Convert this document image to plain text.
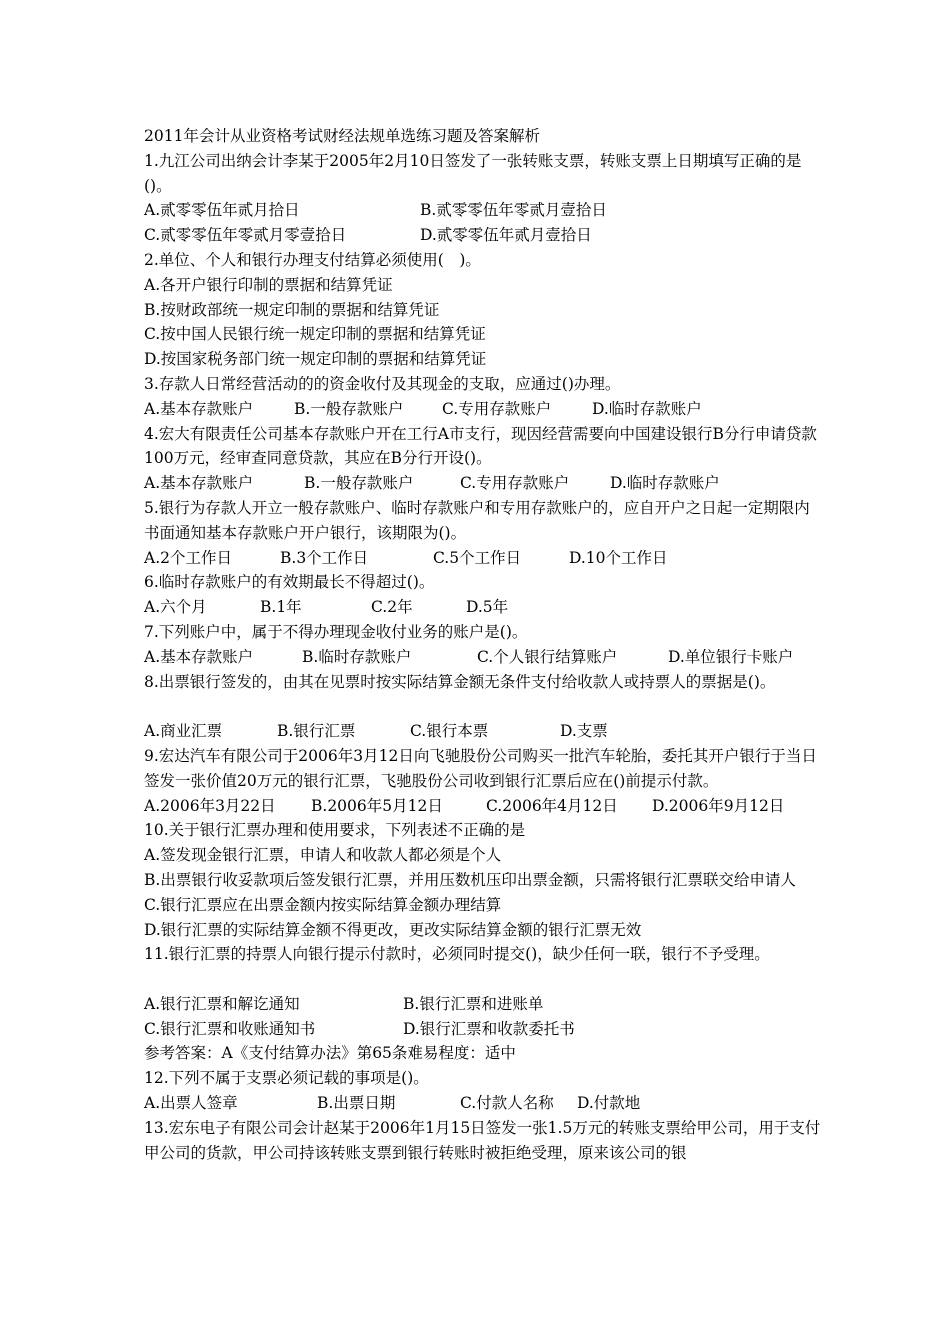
2011年会计从业资格考试财经法规单选练习题及答案解析
1.九江公司出纳会计李某于2005年2月10日签发了一张转账支票，转账支票上日期填写正确的是()。
A.贰零零伍年贰月拾日	B.贰零零伍年零贰月壹拾日
C.贰零零伍年零贰月零壹拾日	D.贰零零伍年贰月壹拾日
2.单位、个人和银行办理支付结算必须使用(　)。
A.各开户银行印制的票据和结算凭证
B.按财政部统一规定印制的票据和结算凭证
C.按中国人民银行统一规定印制的票据和结算凭证
D.按国家税务部门统一规定印制的票据和结算凭证
3.存款人日常经营活动的的资金收付及其现金的支取，应通过()办理。
A.基本存款账户	B.一般存款账户	C.专用存款账户	D.临时存款账户
4.宏大有限责任公司基本存款账户开在工行A市支行，现因经营需要向中国建设银行B分行申请贷款100万元，经审查同意贷款，其应在B分行开设()。
A.基本存款账户	B.一般存款账户	C.专用存款账户	D.临时存款账户
5.银行为存款人开立一般存款账户、临时存款账户和专用存款账户的，应自开户之日起一定期限内书面通知基本存款账户开户银行，该期限为()。
A.2个工作日	B.3个工作日	C.5个工作日	D.10个工作日
6.临时存款账户的有效期最长不得超过()。
A.六个月	B.1年	C.2年	D.5年
7.下列账户中，属于不得办理现金收付业务的账户是()。
A.基本存款账户	B.临时存款账户	C.个人银行结算账户	D.单位银行卡账户
8.出票银行签发的，由其在见票时按实际结算金额无条件支付给收款人或持票人的票据是()。
A.商业汇票	B.银行汇票	C.银行本票	D.支票
9.宏达汽车有限公司于2006年3月12日向飞驰股份公司购买一批汽车轮胎，委托其开户银行于当日签发一张价值20万元的银行汇票，飞驰股份公司收到银行汇票后应在()前提示付款。
A.2006年3月22日	B.2006年5月12日	C.2006年4月12日	D.2006年9月12日
10.关于银行汇票办理和使用要求，下列表述不正确的是
A.签发现金银行汇票，申请人和收款人都必须是个人
B.出票银行收妥款项后签发银行汇票，并用压数机压印出票金额，只需将银行汇票联交给申请人
C.银行汇票应在出票金额内按实际结算金额办理结算
D.银行汇票的实际结算金额不得更改，更改实际结算金额的银行汇票无效
11.银行汇票的持票人向银行提示付款时，必须同时提交()，缺少任何一联，银行不予受理。
A.银行汇票和解讫通知	B.银行汇票和进账单
C.银行汇票和收账通知书	D.银行汇票和收款委托书
参考答案：A《支付结算办法》第65条难易程度：适中
12.下列不属于支票必须记载的事项是()。
A.出票人签章	B.出票日期	C.付款人名称	D.付款地
13.宏东电子有限公司会计赵某于2006年1月15日签发一张1.5万元的转账支票给甲公司，用于支付甲公司的货款，甲公司持该转账支票到银行转账时被拒绝受理，原来该公司的银
